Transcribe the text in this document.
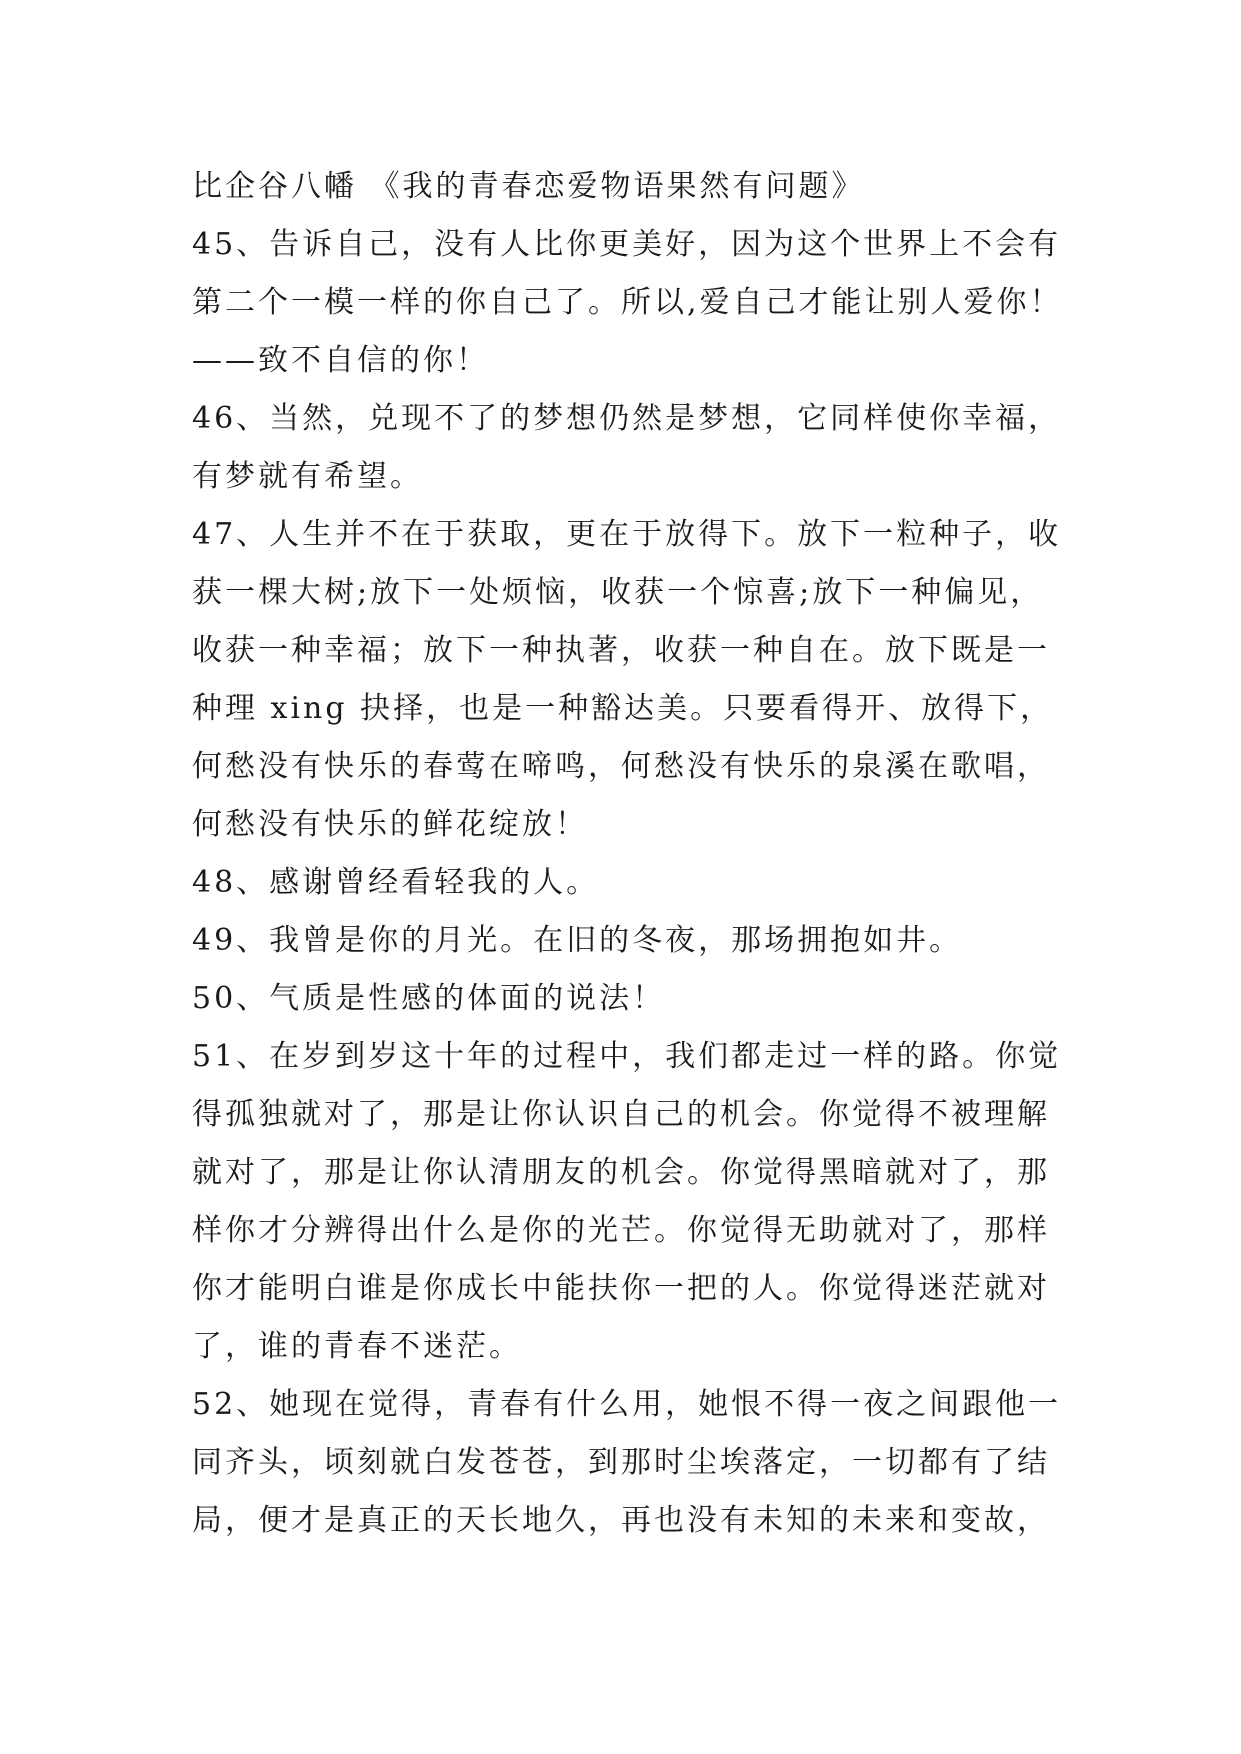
比企谷八幡 《我的青春恋爱物语果然有问题》
45、告诉自己，没有人比你更美好，因为这个世界上不会有
第二个一模一样的你自己了。所以,爱自己才能让别人爱你！
——致不自信的你！
46、当然，兑现不了的梦想仍然是梦想，它同样使你幸福，
有梦就有希望。
47、人生并不在于获取，更在于放得下。放下一粒种子，收
获一棵大树;放下一处烦恼，收获一个惊喜;放下一种偏见，
收获一种幸福；放下一种执著，收获一种自在。放下既是一
种理 xing 抉择，也是一种豁达美。只要看得开、放得下，
何愁没有快乐的春莺在啼鸣，何愁没有快乐的泉溪在歌唱，
何愁没有快乐的鲜花绽放！
48、感谢曾经看轻我的人。
49、我曾是你的月光。在旧的冬夜，那场拥抱如井。
50、气质是性感的体面的说法！
51、在岁到岁这十年的过程中，我们都走过一样的路。你觉
得孤独就对了，那是让你认识自己的机会。你觉得不被理解
就对了，那是让你认清朋友的机会。你觉得黑暗就对了，那
样你才分辨得出什么是你的光芒。你觉得无助就对了，那样
你才能明白谁是你成长中能扶你一把的人。你觉得迷茫就对
了，谁的青春不迷茫。
52、她现在觉得，青春有什么用，她恨不得一夜之间跟他一
同齐头，顷刻就白发苍苍，到那时尘埃落定，一切都有了结
局，便才是真正的天长地久，再也没有未知的未来和变故，
